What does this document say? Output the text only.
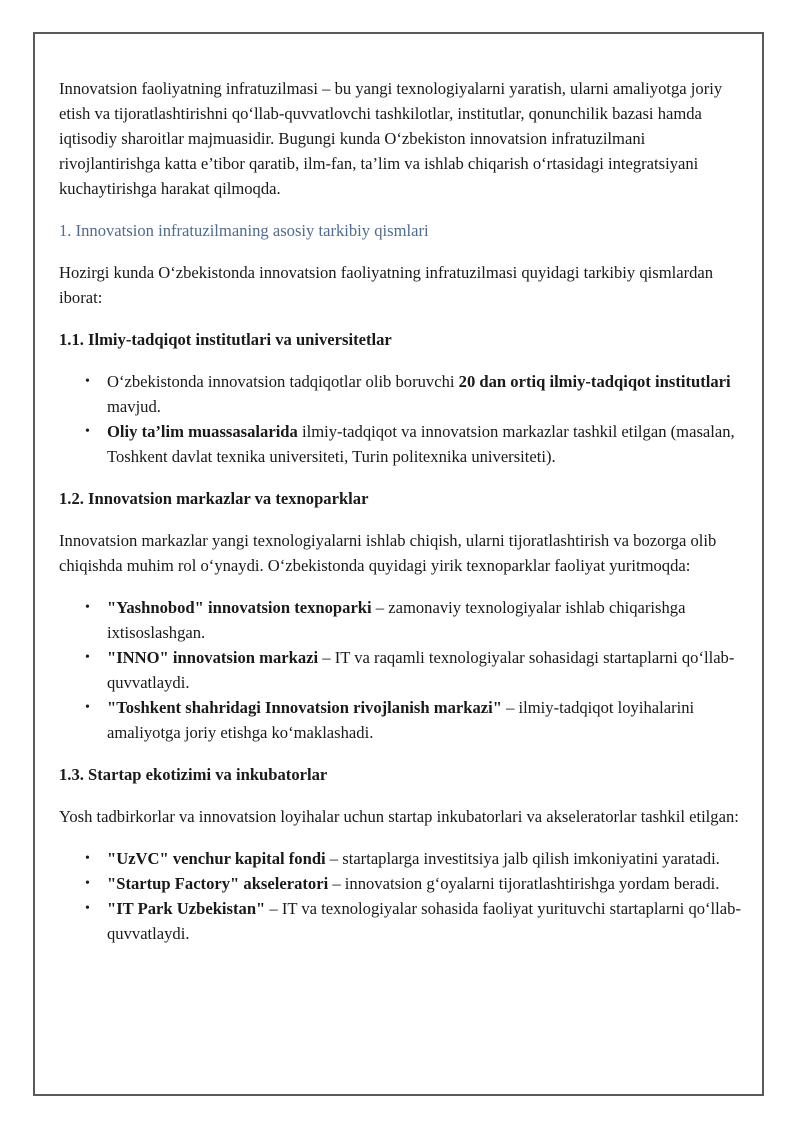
Innovatsion faoliyatning infratuzilmasi – bu yangi texnologiyalarni yaratish, ularni amaliyotga joriy etish va tijoratlashtirishni qo‘llab-quvvatlovchi tashkilotlar, institutlar, qonunchilik bazasi hamda iqtisodiy sharoitlar majmuasidir. Bugungi kunda O‘zbekiston innovatsion infratuzilmani rivojlantirishga katta e’tibor qaratib, ilm-fan, ta’lim va ishlab chiqarish o‘rtasidagi integratsiyani kuchaytirishga harakat qilmoqda.

1. Innovatsion infratuzilmaning asosiy tarkibiy qismlari

Hozirgi kunda O‘zbekistonda innovatsion faoliyatning infratuzilmasi quyidagi tarkibiy qismlardan iborat:

1.1. Ilmiy-tadqiqot institutlari va universitetlar

• O‘zbekistonda innovatsion tadqiqotlar olib boruvchi 20 dan ortiq ilmiy-tadqiqot institutlari mavjud.
• Oliy ta’lim muassasalarida ilmiy-tadqiqot va innovatsion markazlar tashkil etilgan (masalan, Toshkent davlat texnika universiteti, Turin politexnika universiteti).

1.2. Innovatsion markazlar va texnoparklar

Innovatsion markazlar yangi texnologiyalarni ishlab chiqish, ularni tijoratlashtirish va bozorga olib chiqishda muhim rol o‘ynaydi. O‘zbekistonda quyidagi yirik texnoparklar faoliyat yuritmoqda:

• "Yashnobod" innovatsion texnoparki – zamonaviy texnologiyalar ishlab chiqarishga ixtisoslashgan.
• "INNO" innovatsion markazi – IT va raqamli texnologiyalar sohasidagi startaplarni qo‘llab-quvvatlaydi.
• "Toshkent shahridagi Innovatsion rivojlanish markazi" – ilmiy-tadqiqot loyihalarini amaliyotga joriy etishga ko‘maklashadi.

1.3. Startap ekotizimi va inkubatorlar

Yosh tadbirkorlar va innovatsion loyihalar uchun startap inkubatorlari va akseleratorlar tashkil etilgan:

• "UzVC" venchur kapital fondi – startaplarga investitsiya jalb qilish imkoniyatini yaratadi.
• "Startup Factory" akseleratori – innovatsion g‘oyalarni tijoratlashtirishga yordam beradi.
• "IT Park Uzbekistan" – IT va texnologiyalar sohasida faoliyat yurituvchi startaplarni qo‘llab-quvvatlaydi.
